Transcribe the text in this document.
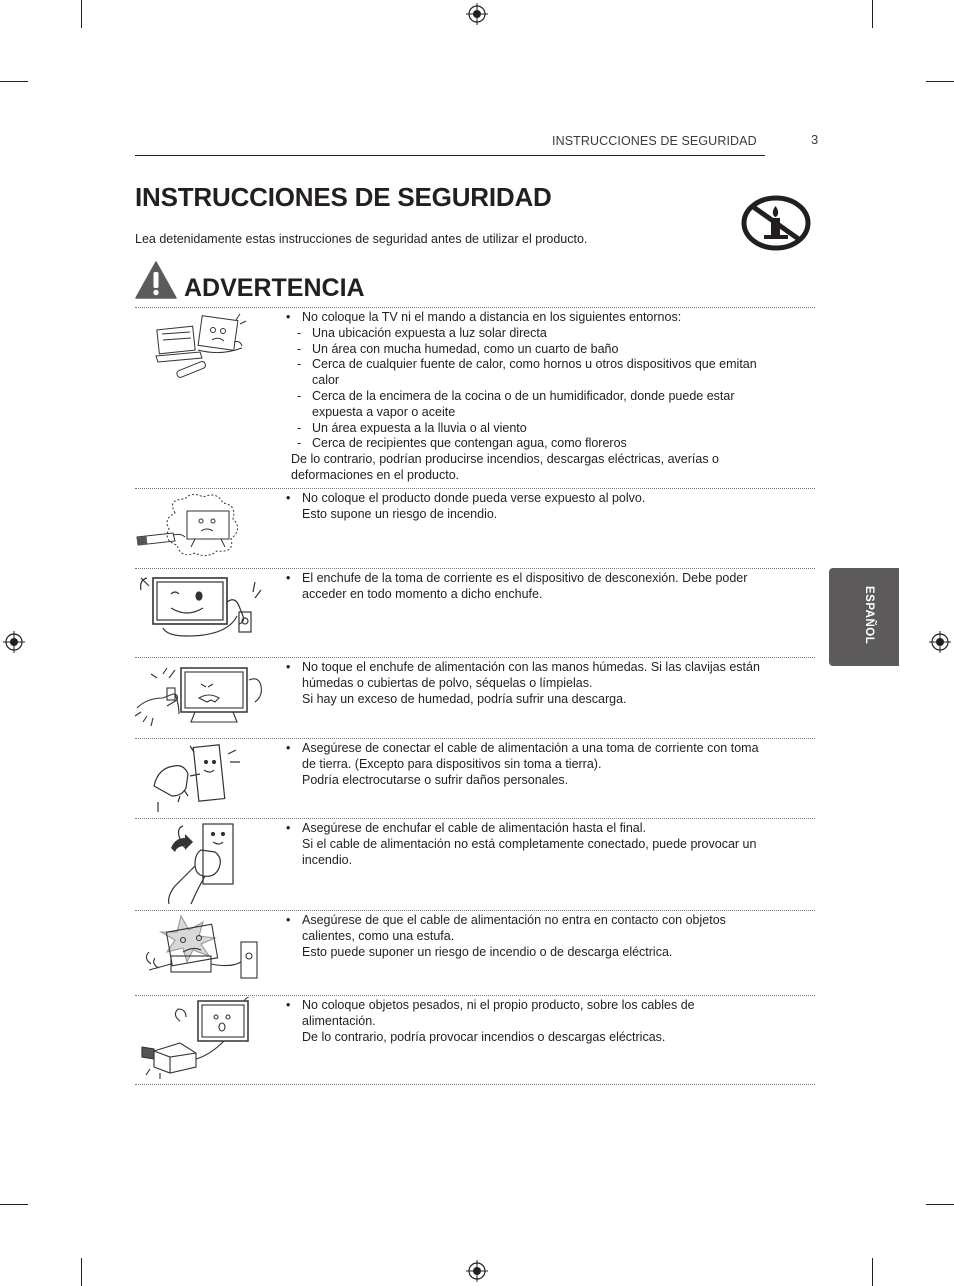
INSTRUCCIONES DE SEGURIDAD	3
INSTRUCCIONES DE SEGURIDAD
Lea detenidamente estas instrucciones de seguridad antes de utilizar el producto.
ADVERTENCIA
ESPAÑOL
• No coloque la TV ni el mando a distancia en los siguientes entornos:
- Una ubicación expuesta a luz solar directa
- Un área con mucha humedad, como un cuarto de baño
- Cerca de cualquier fuente de calor, como hornos u otros dispositivos que emitan
calor
- Cerca de la encimera de la cocina o de un humidificador, donde puede estar
expuesta a vapor o aceite
- Un área expuesta a la lluvia o al viento
- Cerca de recipientes que contengan agua, como floreros
De lo contrario, podrían producirse incendios, descargas eléctricas, averías o
deformaciones en el producto.
• No coloque el producto donde pueda verse expuesto al polvo.
Esto supone un riesgo de incendio.
• El enchufe de la toma de corriente es el dispositivo de desconexión. Debe poder
acceder en todo momento a dicho enchufe.
• No toque el enchufe de alimentación con las manos húmedas. Si las clavijas están
húmedas o cubiertas de polvo, séquelas o límpielas.
Si hay un exceso de humedad, podría sufrir una descarga.
• Asegúrese de conectar el cable de alimentación a una toma de corriente con toma
de tierra. (Excepto para dispositivos sin toma a tierra).
Podría electrocutarse o sufrir daños personales.
• Asegúrese de enchufar el cable de alimentación hasta el final.
Si el cable de alimentación no está completamente conectado, puede provocar un
incendio.
• Asegúrese de que el cable de alimentación no entra en contacto con objetos
calientes, como una estufa.
Esto puede suponer un riesgo de incendio o de descarga eléctrica.
• No coloque objetos pesados, ni el propio producto, sobre los cables de
alimentación.
De lo contrario, podría provocar incendios o descargas eléctricas.
